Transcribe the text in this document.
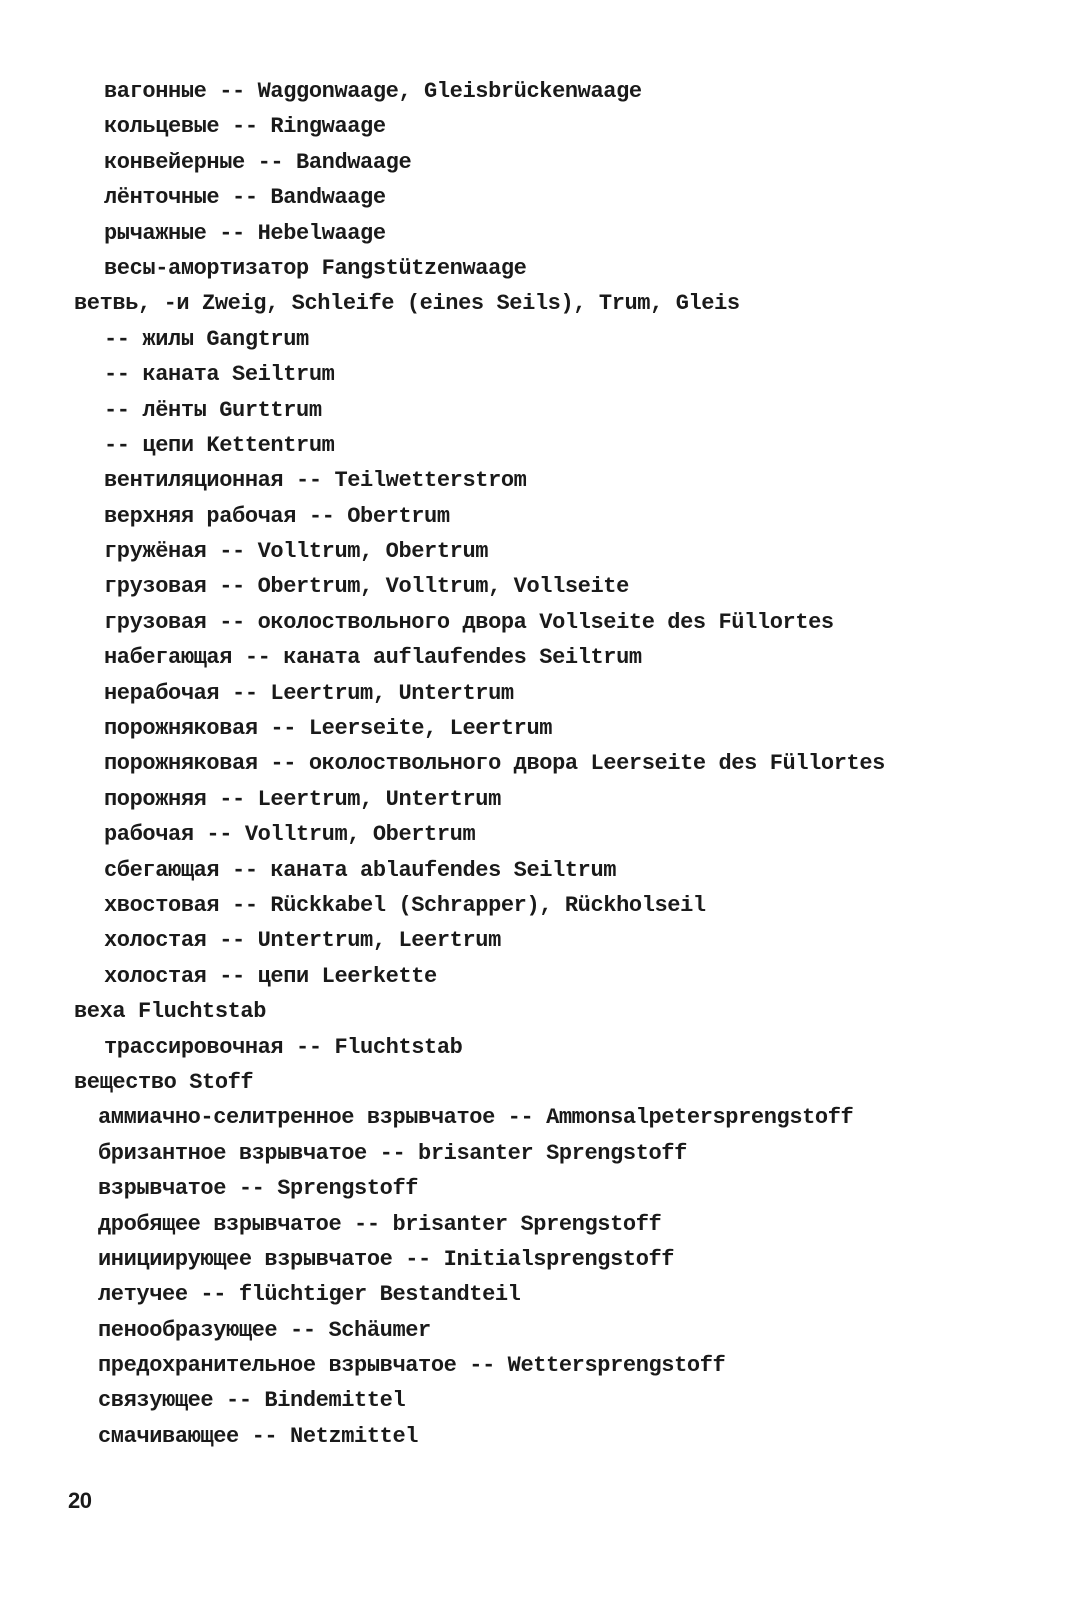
вагонные -- Waggonwaage, Gleisbrückenwaage
кольцевые -- Ringwaage
конвейерные -- Bandwaage
лёнточные -- Bandwaage
рычажные -- Hebelwaage
весы-амортизатор Fangstützenwaage
ветвь, -и Zweig, Schleife (eines Seils), Trum, Gleis
-- жилы Gangtrum
-- каната Seiltrum
-- лёнты Gurttrum
-- цепи Kettentrum
вентиляционная -- Teilwetterstrom
верхняя рабочая -- Obertrum
гружёная -- Volltrum, Obertrum
грузовая -- Obertrum, Volltrum, Vollseite
грузовая -- околоствольного двора Vollseite des Füllortes
набегающая -- каната auflaufendes Seiltrum
нерабочая -- Leertrum, Untertrum
порожняковая -- Leerseite, Leertrum
порожняковая -- околоствольного двора Leerseite des Füllortes
порожняя -- Leertrum, Untertrum
рабочая -- Volltrum, Obertrum
сбегающая -- каната ablaufendes Seiltrum
хвостовая -- Rückkabel (Schrapper), Rückholseil
холостая -- Untertrum, Leertrum
холостая -- цепи Leerkette
веха Fluchtstab
трассировочная -- Fluchtstab
вещество Stoff
аммиачно-селитренное взрывчатое -- Ammonsalpetersprengstoff
бризантное взрывчатое -- brisanter Sprengstoff
взрывчатое -- Sprengstoff
дробящее взрывчатое -- brisanter Sprengstoff
инициирующее взрывчатое -- Initialsprengstoff
летучее -- flüchtiger Bestandteil
пенообразующее -- Schäumer
предохранительное взрывчатое -- Wettersprengstoff
связующее -- Bindemittel
смачивающее -- Netzmittel
20
